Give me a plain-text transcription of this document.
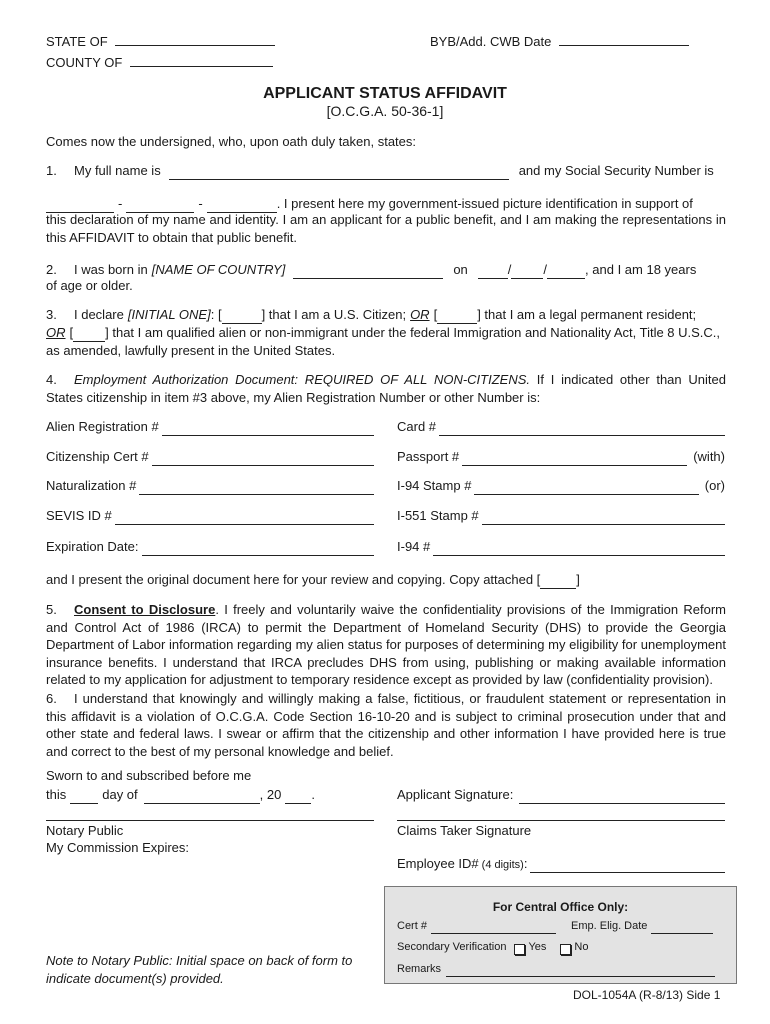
STATE OF
COUNTY OF
BYB/Add. CWB Date
APPLICANT STATUS AFFIDAVIT
[O.C.G.A. 50-36-1]
Comes now the undersigned, who, upon oath duly taken, states:
1.	My full name is	and my Social Security Number is
-	-	. I present here my government-issued picture identification in support of
this declaration of my name and identity. I am an applicant for a public benefit, and I am making the representations in this AFFIDAVIT to obtain that public benefit.
2.	I was born in [NAME OF COUNTRY]	on	/ /	, and I am 18 years
of age or older.
3.	I declare [INITIAL ONE] : [	] that I am a U.S. Citizen; OR [	] that I am a legal permanent resident;
OR [ ] that I am qualified alien or non-immigrant under the federal Immigration and Nationality Act, Title 8 U.S.C.,
as amended, lawfully present in the United States.
4. Employment Authorization Document: REQUIRED OF ALL NON-CITIZENS. If I indicated other than United States citizenship in item #3 above, my Alien Registration Number or other Number is:
Alien Registration #	Card #
Citizenship Cert #	Passport #	(with)
Naturalization #	I-94 Stamp #	(or)
SEVIS ID #	I-551 Stamp #
Expiration Date:	I-94 #
and I present the original document here for your review and copying. Copy attached [	]
5. Consent to Disclosure. I freely and voluntarily waive the confidentiality provisions of the Immigration Reform and Control Act of 1986 (IRCA) to permit the Department of Homeland Security (DHS) to provide the Georgia Department of Labor information regarding my alien status for purposes of determining my eligibility for unemployment insurance benefits. I understand that IRCA precludes DHS from using, publishing or making available information related to my application for adjustment to temporary residence except as provided by law (confidentiality provision).
6. I understand that knowingly and willingly making a false, fictitious, or fraudulent statement or representation in this affidavit is a violation of O.C.G.A. Code Section 16-10-20 and is subject to criminal prosecution under that and other state and federal laws. I swear or affirm that the citizenship and other information I have provided here is true and correct to the best of my personal knowledge and belief.
Sworn to and subscribed before me
this	day of	, 20 .	Applicant Signature:
Notary Public
My Commission Expires:
Claims Taker Signature
Employee ID# (4 digits) :
For Central Office Only:
Cert #	Emp. Elig. Date
Secondary Verification Yes	No
Remarks
Note to Notary Public: Initial space on back of form to indicate document(s) provided.
DOL-1054A (R-8/13) Side 1
